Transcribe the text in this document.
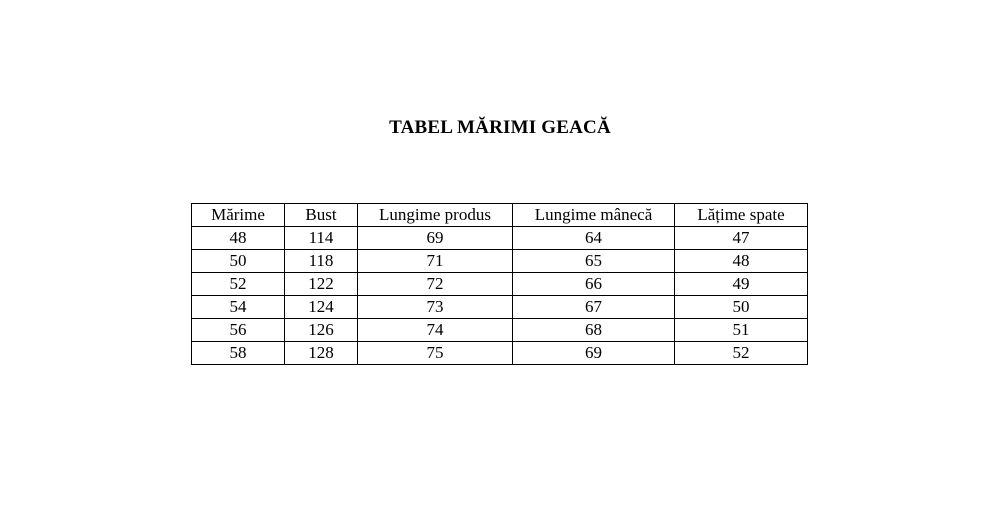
TABEL MĂRIMI GEACĂ
Mărime	Bust	Lungime produs	Lungime mânecă	Lățime spate
48	114	69	64	47
50	118	71	65	48
52	122	72	66	49
54	124	73	67	50
56	126	74	68	51
58	128	75	69	52
